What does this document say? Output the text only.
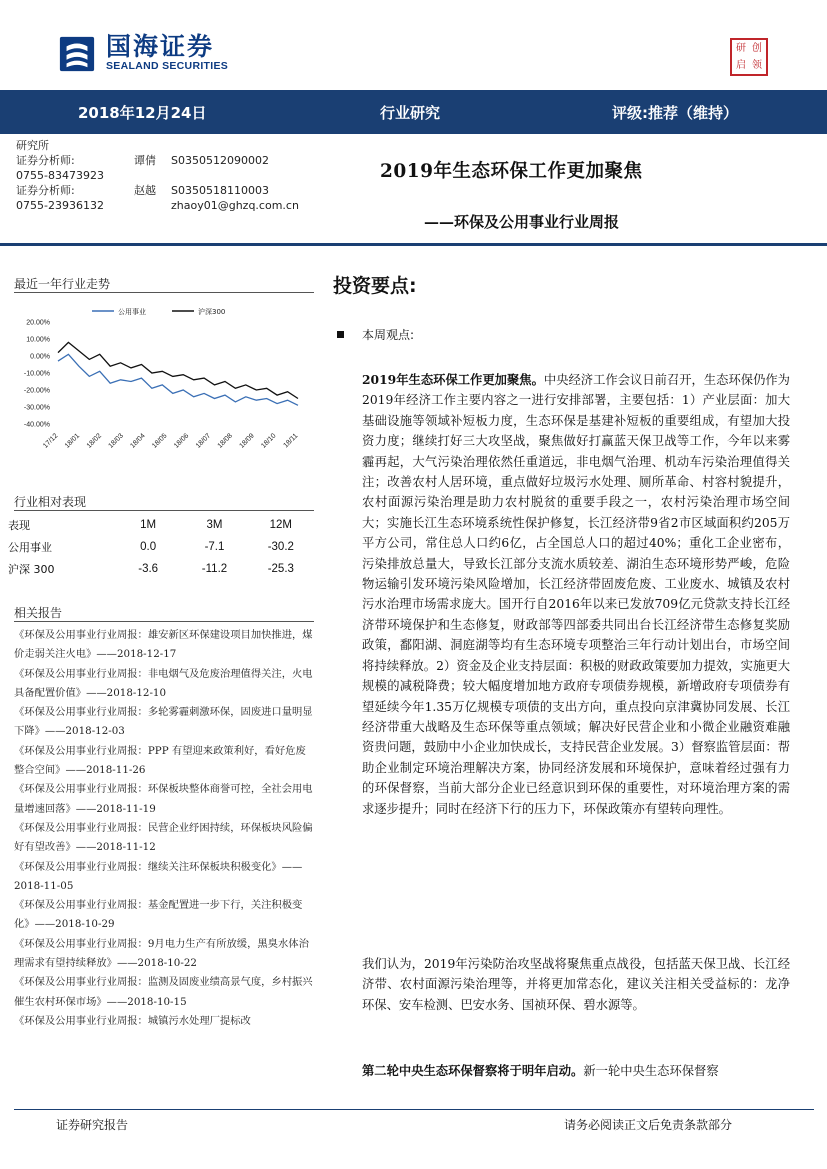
国海证券
SEALAND SECURITIES
研 创
启 领
2018年12月24日	行业研究	评级:推荐（维持）
研究所
证券分析师:	谭倩 S0350512090002
0755-83473923
证券分析师:	赵越 S0350518110003
0755-23936132	zhaoy01@ghzq.com.cn
2019年生态环保工作更加聚焦
——环保及公用事业行业周报
最近一年行业走势
公用事业	沪深300
20.00%
10.00%
0.00%
-10.00%
-20.00%
-30.00%
-40.00%
17/12 18/01 18/02 18/03 18/04 18/05 18/06 18/07 18/08 18/09 18/10 18/11
行业相对表现
表现	1M	3M	12M
公用事业	0.0	-7.1	-30.2
沪深 300	-3.6	-11.2	-25.3
相关报告
《环保及公用事业行业周报：雄安新区环保建设项目加快推进，煤价走弱关注火电》——2018-12-17
《环保及公用事业行业周报：非电烟气及危废治理值得关注，火电具备配置价值》——2018-12-10
《环保及公用事业行业周报：多轮雾霾刺激环保，固废进口量明显下降》——2018-12-03
《环保及公用事业行业周报：PPP 有望迎来政策利好，看好危废整合空间》——2018-11-26
《环保及公用事业行业周报：环保板块整体商誉可控，全社会用电量增速回落》——2018-11-19
《环保及公用事业行业周报：民营企业纾困持续，环保板块风险偏好有望改善》——2018-11-12
《环保及公用事业行业周报：继续关注环保板块积极变化》——2018-11-05
《环保及公用事业行业周报：基金配置进一步下行，关注积极变化》——2018-10-29
《环保及公用事业行业周报：9月电力生产有所放缓，黑臭水体治理需求有望持续释放》——2018-10-22
《环保及公用事业行业周报：监测及固废业绩高景气度，乡村振兴催生农村环保市场》——2018-10-15
《环保及公用事业行业周报：城镇污水处理厂提标改
投资要点:
本周观点:
2019年生态环保工作更加聚焦。中央经济工作会议日前召开，生态环保仍作为2019年经济工作主要内容之一进行安排部署，主要包括：1）产业层面：加大基础设施等领域补短板力度，生态环保是基建补短板的重要组成，有望加大投资力度；继续打好三大攻坚战，聚焦做好打赢蓝天保卫战等工作，今年以来雾霾再起，大气污染治理依然任重道远，非电烟气治理、机动车污染治理值得关注；改善农村人居环境，重点做好垃圾污水处理、厕所革命、村容村貌提升，农村面源污染治理是助力农村脱贫的重要手段之一，农村污染治理市场空间大；实施长江生态环境系统性保护修复，长江经济带9省2市区域面积约205万平方公司，常住总人口约6亿，占全国总人口的超过40%；重化工企业密布，污染排放总量大，导致长江部分支流水质较差、湖泊生态环境形势严峻，危险物运输引发环境污染风险增加，长江经济带固废危废、工业废水、城镇及农村污水治理市场需求庞大。国开行自2016年以来已发放709亿元贷款支持长江经济带环境保护和生态修复，财政部等四部委共同出台长江经济带生态修复奖励政策，鄱阳湖、洞庭湖等均有生态环境专项整治三年行动计划出台，市场空间将持续释放。2）资金及企业支持层面：积极的财政政策要加力提效，实施更大规模的减税降费；较大幅度增加地方政府专项债券规模，新增政府专项债券有望延续今年1.35万亿规模专项债的支出方向，重点投向京津冀协同发展、长江经济带重大战略及生态环保等重点领域；解决好民营企业和小微企业融资难融资贵问题，鼓励中小企业加快成长，支持民营企业发展。3）督察监管层面：帮助企业制定环境治理解决方案，协同经济发展和环境保护，意味着经过强有力的环保督察，当前大部分企业已经意识到环保的重要性，对环境治理方案的需求逐步提升；同时在经济下行的压力下，环保政策亦有望转向理性。
我们认为，2019年污染防治攻坚战将聚焦重点战役，包括蓝天保卫战、长江经济带、农村面源污染治理等，并将更加常态化，建议关注相关受益标的：龙净环保、安车检测、巴安水务、国祯环保、碧水源等。
第二轮中央生态环保督察将于明年启动。新一轮中央生态环保督察
证券研究报告	请务必阅读正文后免责条款部分
